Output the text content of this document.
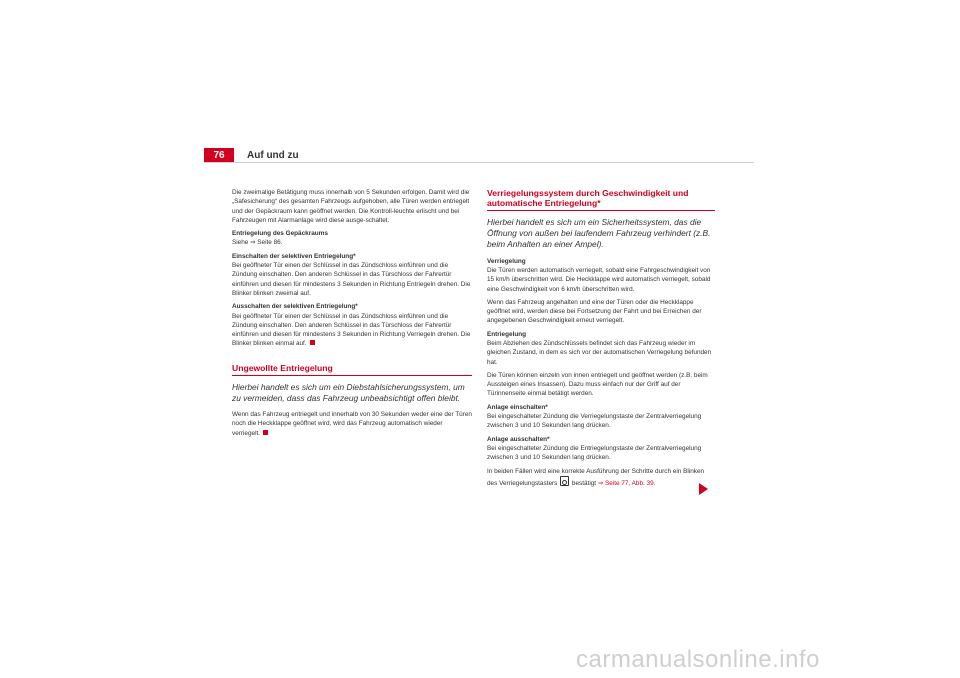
76	Auf und zu

Die zweimalige Betätigung muss innerhalb von 5 Sekunden erfolgen. Damit wird die „Safesicherung“ des gesamten Fahrzeugs aufgehoben, alle Türen werden entriegelt und der Gepäckraum kann geöffnet werden. Die Kontroll-leuchte erlischt und bei Fahrzeugen mit Alarmanlage wird diese ausge-schaltet.

Entriegelung des Gepäckraums

Siehe ⇒ Seite 86.

Einschalten der selektiven Entriegelung*

Bei geöffneter Tür einen der Schlüssel in das Zündschloss einführen und die Zündung einschalten. Den anderen Schlüssel in das Türschloss der Fahrertür einführen und diesen für mindestens 3 Sekunden in Richtung Entriegeln drehen. Die Blinker blinken zweimal auf.

Ausschalten der selektiven Entriegelung*

Bei geöffneter Tür einen der Schlüssel in das Zündschloss einführen und die Zündung einschalten. Den anderen Schlüssel in das Türschloss der Fahrertür einführen und diesen für mindestens 3 Sekunden in Richtung Verriegeln drehen. Die Blinker blinken einmal auf.

Ungewollte Entriegelung
Hierbei handelt es sich um ein Diebstahlsicherungssystem, um zu vermeiden, dass das Fahrzeug unbeabsichtigt offen bleibt.

Wenn das Fahrzeug entriegelt und innerhalb von 30 Sekunden weder eine der Türen noch die Heckklappe geöffnet wird, wird das Fahrzeug automatisch wieder verriegelt.

Verriegelungssystem durch Geschwindigkeit und automatische Entriegelung*
Hierbei handelt es sich um ein Sicherheitssystem, das die Öffnung von außen bei laufendem Fahrzeug verhindert (z.B. beim Anhalten an einer Ampel).

Verriegelung

Die Türen werden automatisch verriegelt, sobald eine Fahrgeschwindigkeit von 15 km/h überschritten wird. Die Heckklappe wird automatisch verriegelt, sobald eine Geschwindigkeit von 6 km/h überschritten wird.

Wenn das Fahrzeug angehalten und eine der Türen oder die Heckklappe geöffnet wird, werden diese bei Fortsetzung der Fahrt und bei Erreichen der angegebenen Geschwindigkeit erneut verriegelt.

Entriegelung

Beim Abziehen des Zündschlüssels befindet sich das Fahrzeug wieder im gleichen Zustand, in dem es sich vor der automatischen Verriegelung befunden hat.

Die Türen können einzeln von innen entriegelt und geöffnet werden (z.B. beim Aussteigen eines Insassen). Dazu muss einfach nur der Griff auf der Türinnenseite einmal betätigt werden.

Anlage einschalten*

Bei eingeschalteter Zündung die Verriegelungstaste der Zentralverriegelung zwischen 3 und 10 Sekunden lang drücken.

Anlage ausschalten*

Bei eingeschalteter Zündung die Entriegelungstaste der Zentralverriegelung zwischen 3 und 10 Sekunden lang drücken.

In beiden Fällen wird eine korrekte Ausführung der Schritte durch ein Blinken des Verriegelungstasters bestätigt ⇒ Seite 77, Abb. 39.

carmanualsonline.info
